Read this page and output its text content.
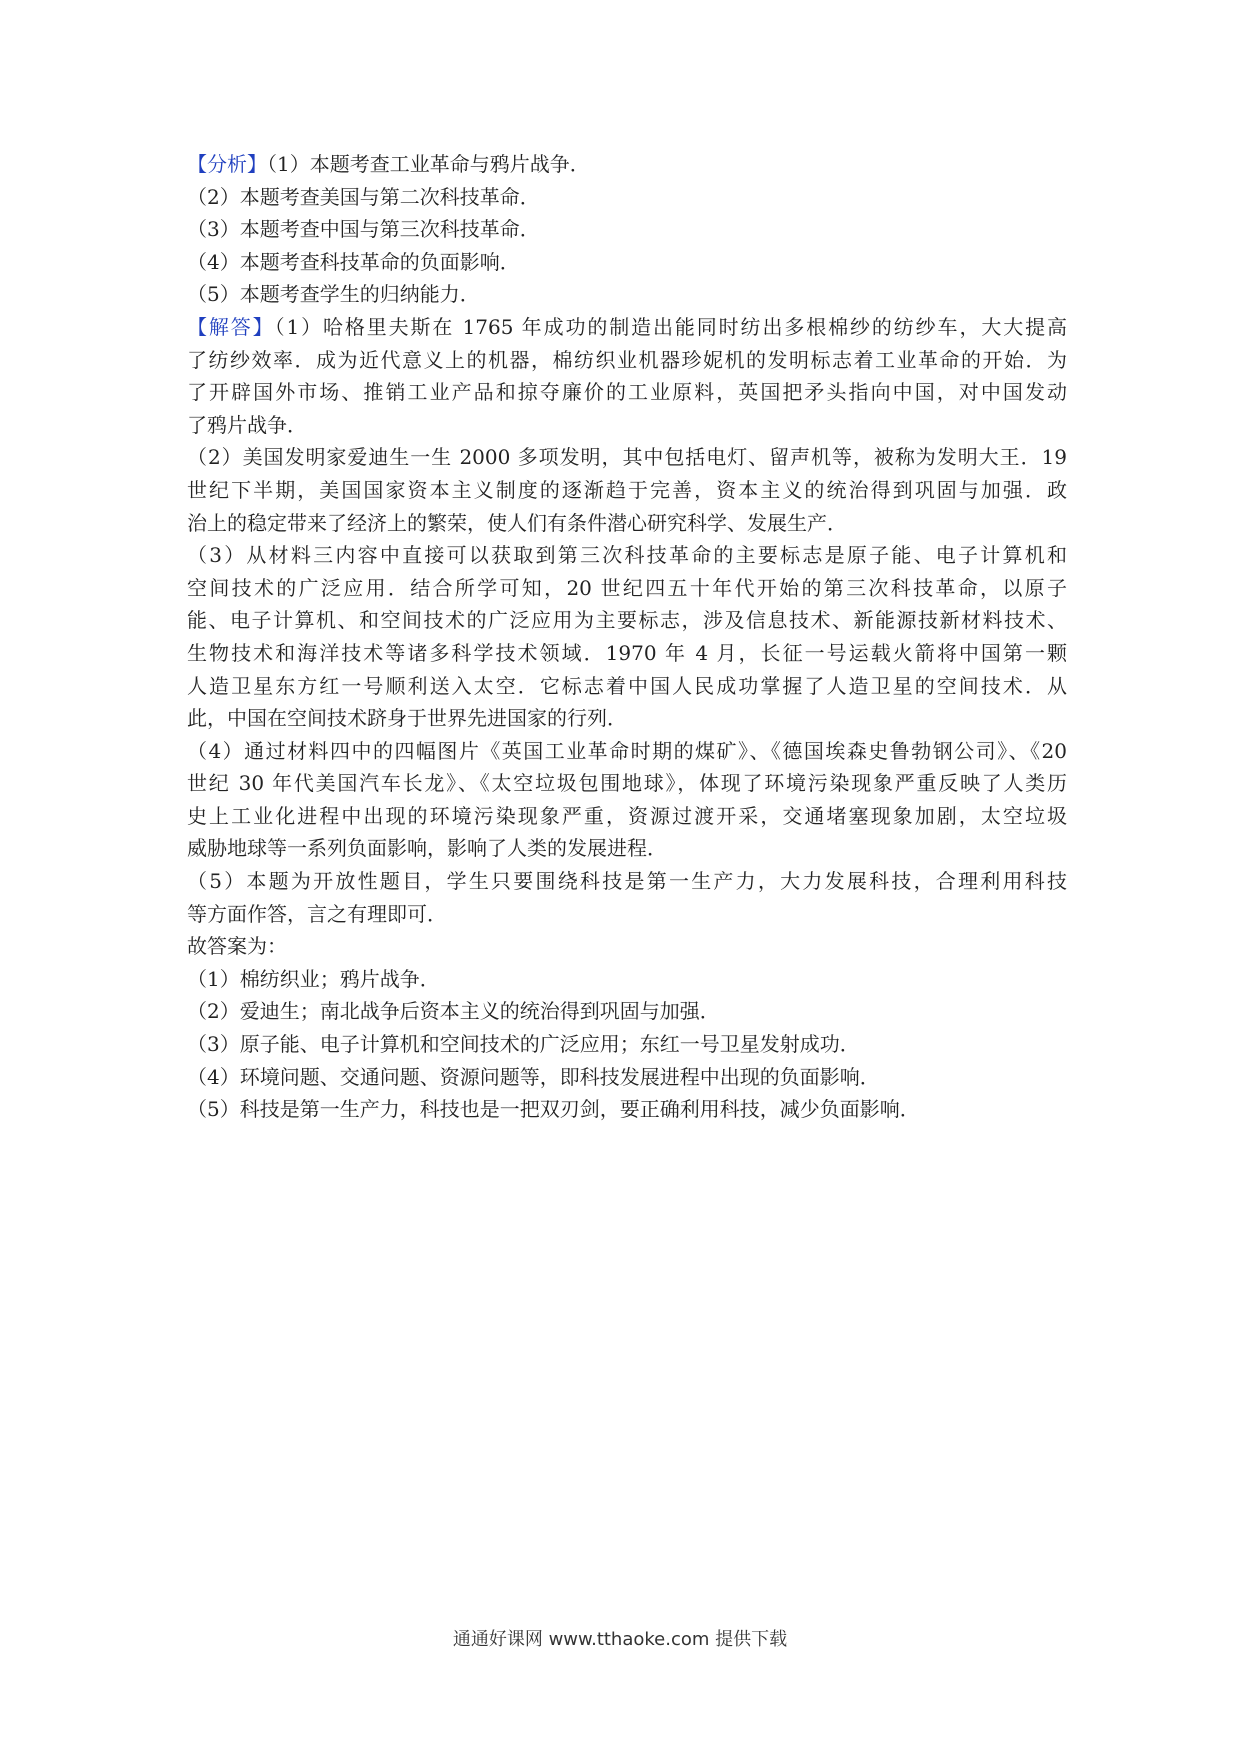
【分析】（1）本题考查工业革命与鸦片战争．
（2）本题考查美国与第二次科技革命．
（3）本题考查中国与第三次科技革命．
（4）本题考查科技革命的负面影响．
（5）本题考查学生的归纳能力．
【解答】（1）哈格里夫斯在 1765 年成功的制造出能同时纺出多根棉纱的纺纱车，大大提高
了纺纱效率．成为近代意义上的机器，棉纺织业机器珍妮机的发明标志着工业革命的开始．为
了开辟国外市场、推销工业产品和掠夺廉价的工业原料，英国把矛头指向中国，对中国发动
了鸦片战争．
（2）美国发明家爱迪生一生 2000 多项发明，其中包括电灯、留声机等，被称为发明大王．19
世纪下半期，美国国家资本主义制度的逐渐趋于完善，资本主义的统治得到巩固与加强．政
治上的稳定带来了经济上的繁荣，使人们有条件潜心研究科学、发展生产．
（3）从材料三内容中直接可以获取到第三次科技革命的主要标志是原子能、电子计算机和
空间技术的广泛应用．结合所学可知，20 世纪四五十年代开始的第三次科技革命，以原子
能、电子计算机、和空间技术的广泛应用为主要标志，涉及信息技术、新能源技新材料技术、
生物技术和海洋技术等诸多科学技术领域．1970 年 4 月，长征一号运载火箭将中国第一颗
人造卫星东方红一号顺利送入太空．它标志着中国人民成功掌握了人造卫星的空间技术．从
此，中国在空间技术跻身于世界先进国家的行列．
（4）通过材料四中的四幅图片《英国工业革命时期的煤矿》、《德国埃森史鲁勃钢公司》、《20
世纪 30 年代美国汽车长龙》、《太空垃圾包围地球》，体现了环境污染现象严重反映了人类历
史上工业化进程中出现的环境污染现象严重，资源过渡开采，交通堵塞现象加剧，太空垃圾
威胁地球等一系列负面影响，影响了人类的发展进程．
（5）本题为开放性题目，学生只要围绕科技是第一生产力，大力发展科技，合理利用科技
等方面作答，言之有理即可．
故答案为：
（1）棉纺织业；鸦片战争．
（2）爱迪生；南北战争后资本主义的统治得到巩固与加强．
（3）原子能、电子计算机和空间技术的广泛应用；东红一号卫星发射成功．
（4）环境问题、交通问题、资源问题等，即科技发展进程中出现的负面影响．
（5）科技是第一生产力，科技也是一把双刃剑，要正确利用科技，减少负面影响．
通通好课网 www.tthaoke.com 提供下载
